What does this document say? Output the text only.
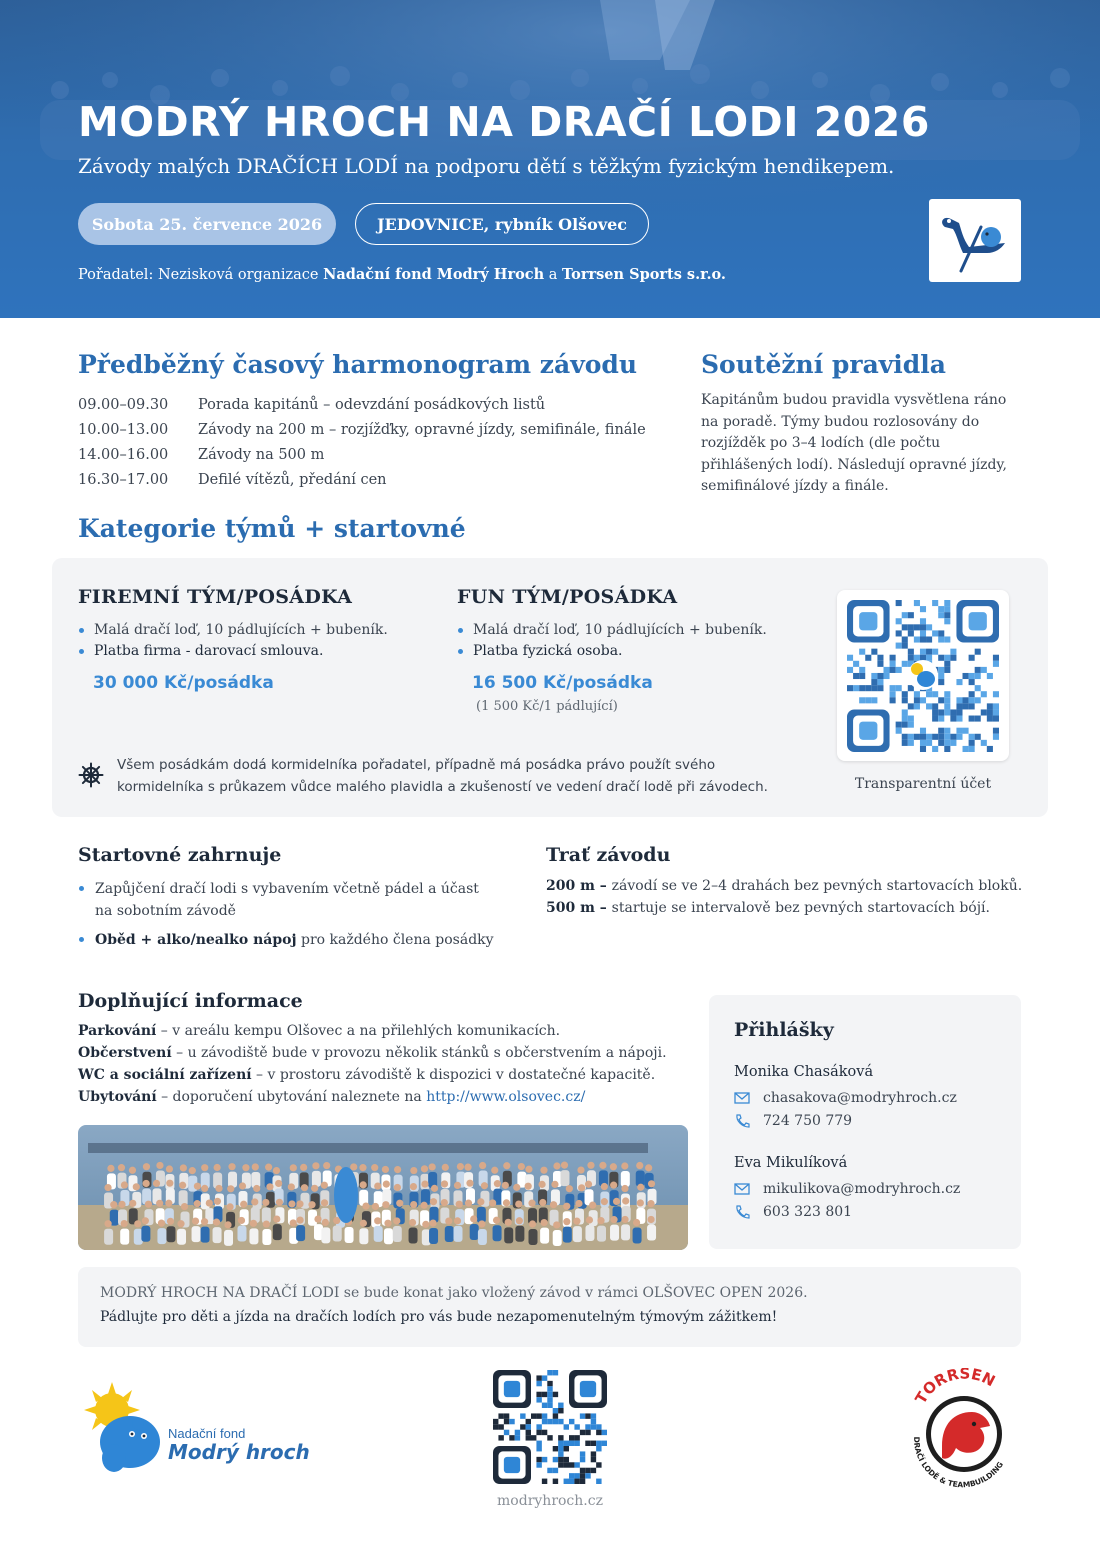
MODRÝ HROCH NA DRAČÍ LODI 2026
Závody malých DRAČÍCH LODÍ na podporu dětí s těžkým fyzickým hendikepem.
Sobota 25. července 2026	JEDOVNICE, rybník Olšovec
Pořadatel: Nezisková organizace Nadační fond Modrý Hroch a Torrsen Sports s.r.o.
Předběžný časový harmonogram závodu
09.00–09.30	Porada kapitánů – odevzdání posádkových listů
10.00–13.00	Závody na 200 m – rozjížďky, opravné jízdy, semifinále, finále
14.00–16.00	Závody na 500 m
16.30–17.00	Defilé vítězů, předání cen
Soutěžní pravidla

Kapitánům budou pravidla vysvětlena ráno na poradě. Týmy budou rozlosovány do rozjížděk po 3–4 lodích (dle počtu přihlášených lodí). Následují opravné jízdy, semifinálové jízdy a finále.

Kategorie týmů + startovné
FIREMNÍ TÝM/POSÁDKA
Malá dračí loď, 10 pádlujících + bubeník.
Platba firma - darovací smlouva.
30 000 Kč/posádka
FUN TÝM/POSÁDKA
Malá dračí loď, 10 pádlujících + bubeník.
Platba fyzická osoba.
16 500 Kč/posádka
(1 500 Kč/1 pádlující)
Všem posádkám dodá kormidelníka pořadatel, případně má posádka právo použít svého
kormidelníka s průkazem vůdce malého plavidla a zkušeností ve vedení dračí lodě při závodech.	Transparentní účet
Startovné zahrnuje
Zapůjčení dračí lodi s vybavením včetně pádel a účast na sobotním závodě
Oběd + alko/nealko nápoj pro každého člena posádky
Trať závodu
200 m – závodí se ve 2–4 drahách bez pevných startovacích bloků.
500 m – startuje se intervalově bez pevných startovacích bójí.
Doplňující informace
Parkování – v areálu kempu Olšovec a na přilehlých komunikacích.
Občerstvení – u závodiště bude v provozu několik stánků s občerstvením a nápoji.
WC a sociální zařízení – v prostoru závodiště k dispozici v dostatečné kapacitě.
Ubytování – doporučení ubytování naleznete na http://www.olsovec.cz/
Přihlášky
Monika Chasáková
chasakova@modryhroch.cz
724 750 779
Eva Mikulíková
mikulikova@modryhroch.cz
603 323 801
MODRÝ HROCH NA DRAČÍ LODI se bude konat jako vložený závod v rámci OLŠOVEC OPEN 2026.
Pádlujte pro děti a jízda na dračích lodích pro vás bude nezapomenutelným týmovým zážitkem!
Nadační fond
Modrý hroch
modryhroch.cz
TORRSEN
DRAČÍ LODĚ & TEAMBUILDING
